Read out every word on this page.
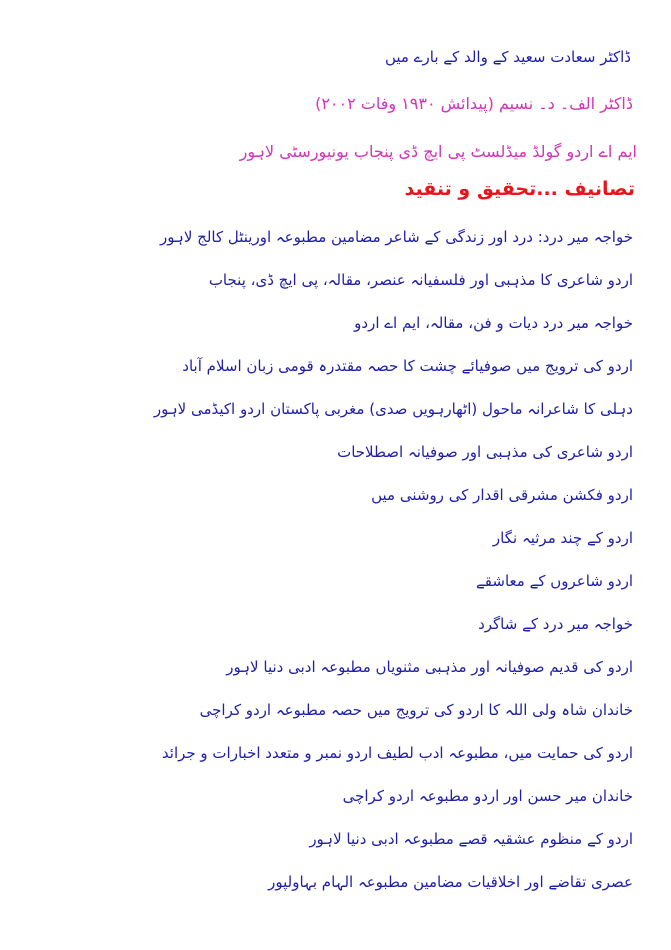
ڈاکٹر سعادت سعید کے والد کے بارے میں
ڈاکٹر الف۔ د۔ نسیم (پیدائش ۱۹۳۰ وفات ۲۰۰۲)
ایم اے اردو گولڈ میڈلسٹ پی ایچ ڈی پنجاب یونیورسٹی لاہور
تصانیف ...تحقیق و تنقید
خواجہ میر درد: درد اور زندگی کے شاعر مضامین مطبوعہ اورینٹل کالج لاہور
اردو شاعری کا مذہبی اور فلسفیانہ عنصر، مقالہ، پی ایچ ڈی، پنجاب
خواجہ میر درد دیات و فن، مقالہ، ایم اے اردو
اردو کی ترویج میں صوفیائے چشت کا حصہ مقتدرہ قومی زبان اسلام آباد
دہلی کا شاعرانہ ماحول (اٹھارہویں صدی) مغربی پاکستان اردو اکیڈمی لاہور
اردو شاعری کی مذہبی اور صوفیانہ اصطلاحات
اردو فکشن مشرقی اقدار کی روشنی میں
اردو کے چند مرثیہ نگار
اردو شاعروں کے معاشقے
خواجہ میر درد کے شاگرد
اردو کی قدیم صوفیانہ اور مذہبی مثنویاں مطبوعہ ادبی دنیا لاہور
خاندان شاہ ولی اللہ کا اردو کی ترویج میں حصہ مطبوعہ اردو کراچی
اردو کی حمایت میں، مطبوعہ ادب لطیف اردو نمبر و متعدد اخبارات و جرائد
خاندان میر حسن اور اردو مطبوعہ اردو کراچی
اردو کے منظوم عشقیہ قصے مطبوعہ ادبی دنیا لاہور
عصری تقاضے اور اخلاقیات مضامین مطبوعہ الہام بہاولپور
